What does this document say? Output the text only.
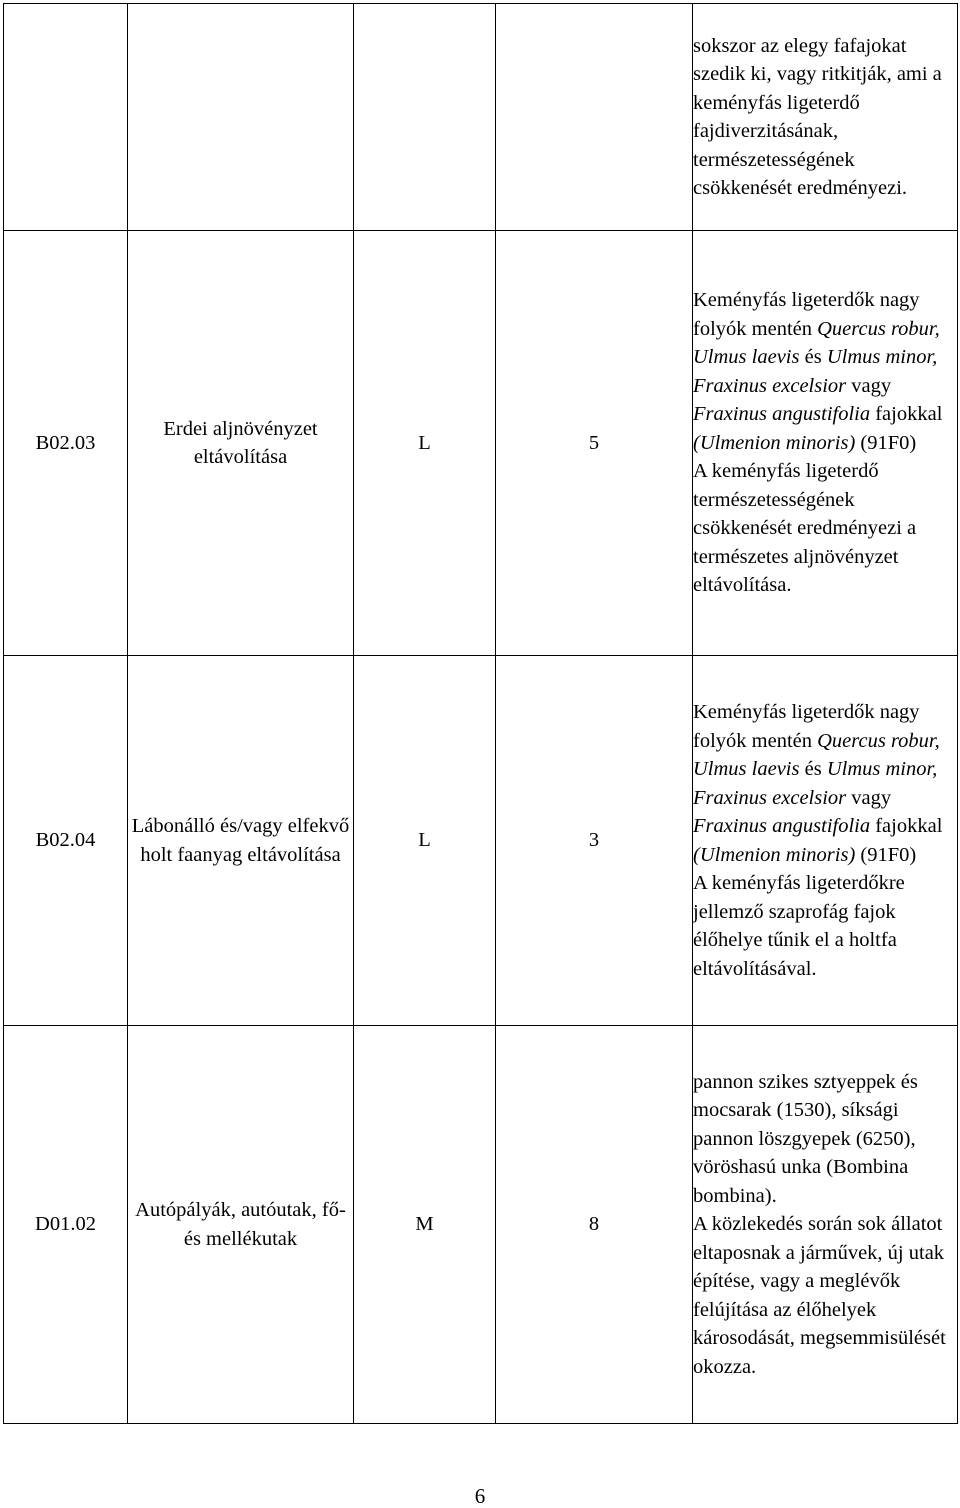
				sokszor az elegy fafajokat szedik ki, vagy ritkitják, ami a keményfás ligeterdő fajdiverzitásának, természetességének csökkenését eredményezi.

B02.03	Erdei aljnövényzet eltávolítása	L	5	Keményfás ligeterdők nagy folyók mentén Quercus robur, Ulmus laevis és Ulmus minor, Fraxinus excelsior vagy Fraxinus angustifolia fajokkal (Ulmenion minoris) (91F0)

A keményfás ligeterdő természetességének csökkenését eredményezi a természetes aljnövényzet eltávolítása.

B02.04	Lábonálló és/vagy elfekvő holt faanyag eltávolítása	L	3	Keményfás ligeterdők nagy folyók mentén Quercus robur, Ulmus laevis és Ulmus minor, Fraxinus excelsior vagy Fraxinus angustifolia fajokkal (Ulmenion minoris) (91F0)

A keményfás ligeterdőkre jellemző szaprofág fajok élőhelye tűnik el a holtfa eltávolításával.

D01.02	Autópályák, autóutak, fő- és mellékutak	M	8	pannon szikes sztyeppek és mocsarak (1530), síksági pannon löszgyepek (6250), vöröshasú unka (Bombina bombina).

A közlekedés során sok állatot eltaposnak a járművek, új utak építése, vagy a meglévők felújítása az élőhelyek károsodását, megsemmisülését okozza.

6
